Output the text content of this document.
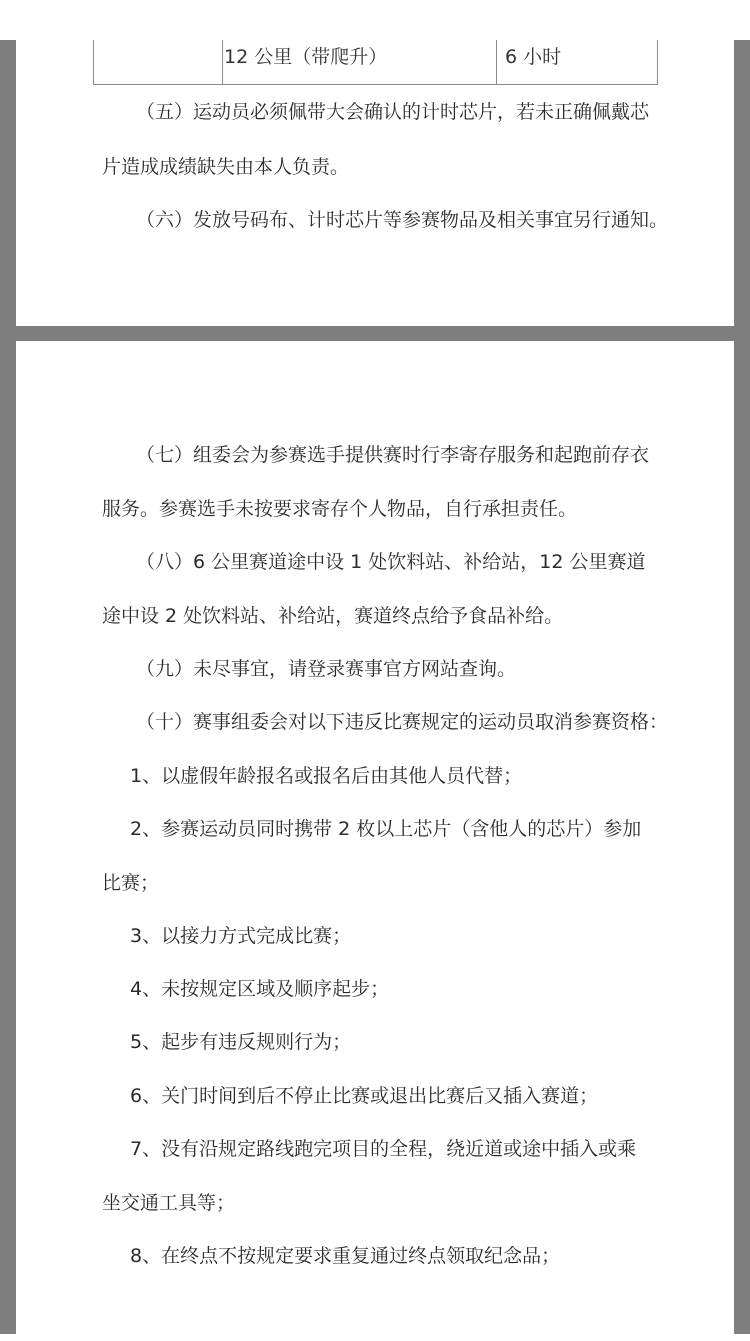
12 公里（带爬升）	6 小时
（五）运动员必须佩带大会确认的计时芯片，若未正确佩戴芯
片造成成绩缺失由本人负责。
（六）发放号码布、计时芯片等参赛物品及相关事宜另行通知。
（七）组委会为参赛选手提供赛时行李寄存服务和起跑前存衣
服务。参赛选手未按要求寄存个人物品，自行承担责任。
（八）6 公里赛道途中设 1 处饮料站、补给站，12 公里赛道
途中设 2 处饮料站、补给站，赛道终点给予食品补给。
（九）未尽事宜，请登录赛事官方网站查询。
（十）赛事组委会对以下违反比赛规定的运动员取消参赛资格：
1、以虚假年龄报名或报名后由其他人员代替；
2、参赛运动员同时携带 2 枚以上芯片（含他人的芯片）参加
比赛；
3、以接力方式完成比赛；
4、未按规定区域及顺序起步；
5、起步有违反规则行为；
6、关门时间到后不停止比赛或退出比赛后又插入赛道；
7、没有沿规定路线跑完项目的全程，绕近道或途中插入或乘
坐交通工具等；
8、在终点不按规定要求重复通过终点领取纪念品；
